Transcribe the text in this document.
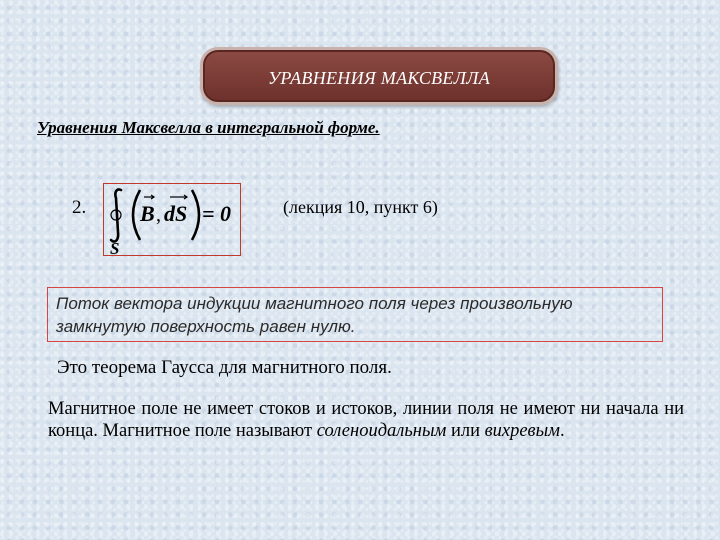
УРАВНЕНИЯ МАКСВЕЛЛА
Уравнения Максвелла в интегральной форме.
2. B , dS = 0
S
(лекция 10, пункт 6)
Поток вектора индукции магнитного поля через произвольную замкнутую поверхность равен нулю.
Это теорема Гаусса для магнитного поля.
Магнитное поле не имеет стоков и истоков, линии поля не имеют ни начала ни конца. Магнитное поле называют соленоидальным или вихревым.
